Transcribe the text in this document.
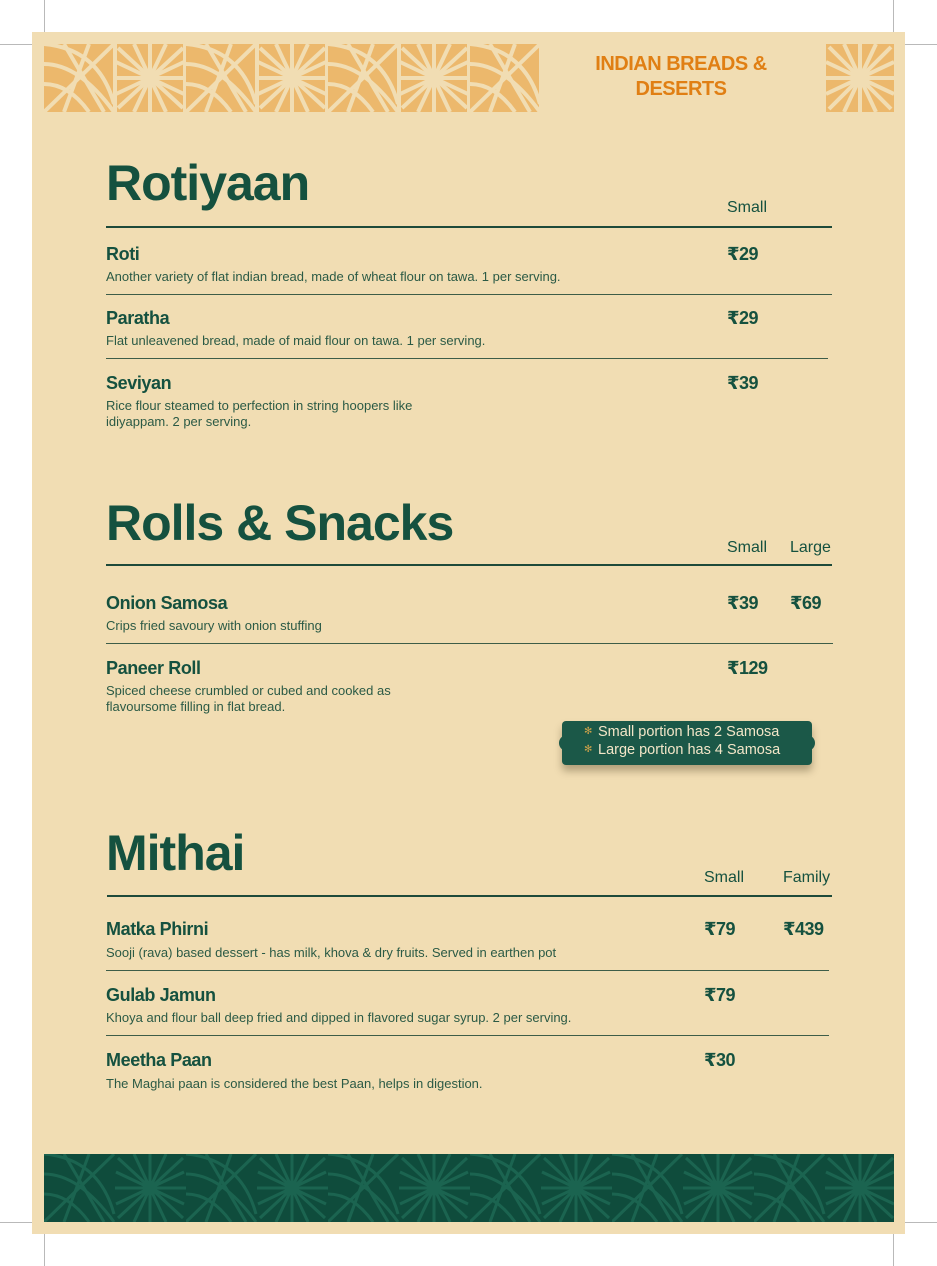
INDIAN BREADS &
DESERTS
Rotiyaan	Small
Roti
Another variety of flat indian bread, made of wheat flour on tawa. 1 per serving.
₹29
Paratha
Flat unleavened bread, made of maid flour on tawa. 1 per serving.
₹29
Seviyan
Rice flour steamed to perfection in string hoopers like
idiyappam. 2 per serving.
₹39
Rolls & Snacks	Small Large
Onion Samosa
Crips fried savoury with onion stuffing
₹39 ₹69
Paneer Roll
Spiced cheese crumbled or cubed and cooked as
flavoursome filling in flat bread.
₹129
✻ Small portion has 2 Samosa
✻ Large portion has 4 Samosa
Mithai	Small Family
Matka Phirni
Sooji (rava) based dessert - has milk, khova & dry fruits. Served in earthen pot
₹79	₹439
Gulab Jamun
Khoya and flour ball deep fried and dipped in flavored sugar syrup. 2 per serving.
₹79
Meetha Paan
The Maghai paan is considered the best Paan, helps in digestion.
₹30
